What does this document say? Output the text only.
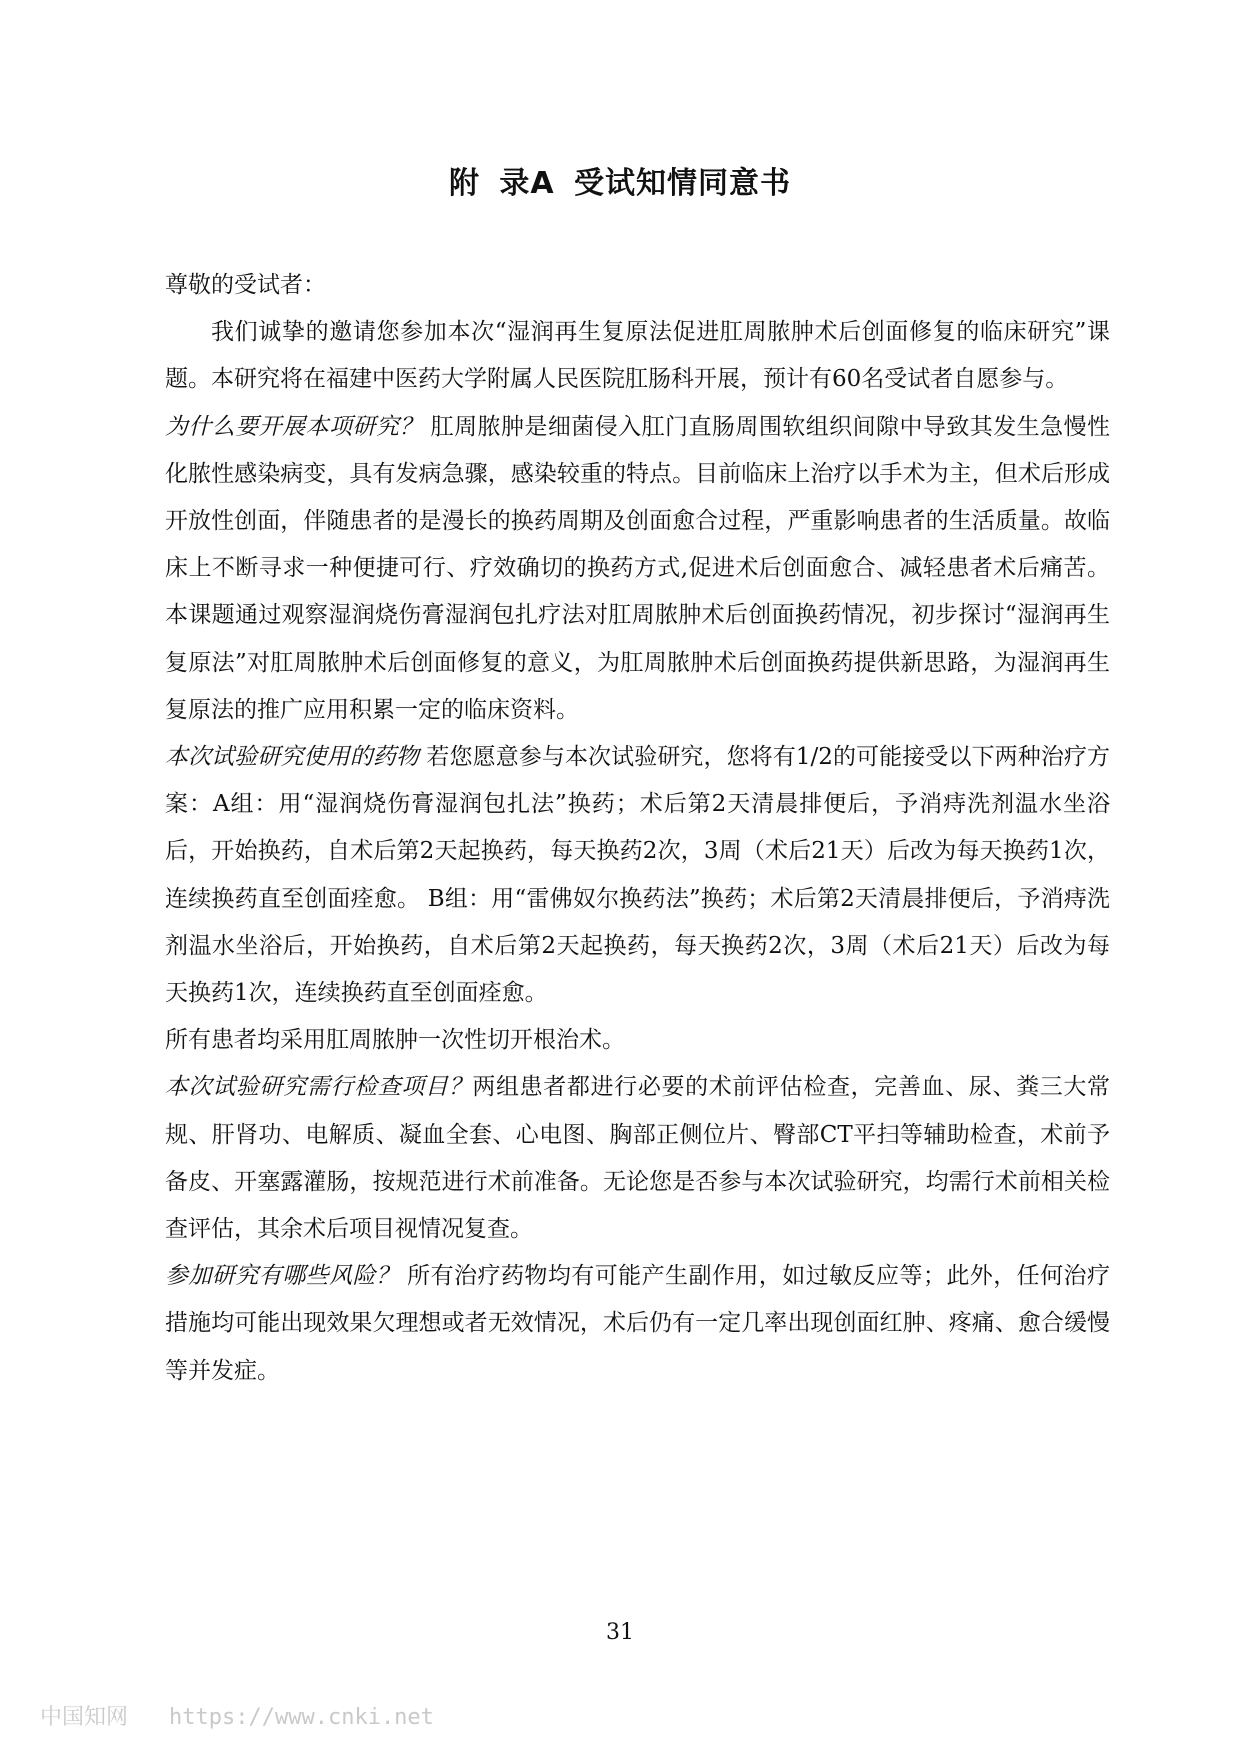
附 录A 受试知情同意书

尊敬的受试者：

我们诚挚的邀请您参加本次“湿润再生复原法促进肛周脓肿术后创面修复的临床研究”课题。本研究将在福建中医药大学附属人民医院肛肠科开展，预计有60名受试者自愿参与。

为什么要开展本项研究？ 肛周脓肿是细菌侵入肛门直肠周围软组织间隙中导致其发生急慢性化脓性感染病变，具有发病急骤，感染较重的特点。目前临床上治疗以手术为主，但术后形成开放性创面，伴随患者的是漫长的换药周期及创面愈合过程，严重影响患者的生活质量。故临床上不断寻求一种便捷可行、疗效确切的换药方式,促进术后创面愈合、减轻患者术后痛苦。本课题通过观察湿润烧伤膏湿润包扎疗法对肛周脓肿术后创面换药情况，初步探讨“湿润再生复原法”对肛周脓肿术后创面修复的意义，为肛周脓肿术后创面换药提供新思路，为湿润再生复原法的推广应用积累一定的临床资料。

本次试验研究使用的药物 若您愿意参与本次试验研究，您将有1/2的可能接受以下两种治疗方案：A组：用“湿润烧伤膏湿润包扎法”换药；术后第2天清晨排便后，予消痔洗剂温水坐浴后，开始换药，自术后第2天起换药，每天换药2次，3周（术后21天）后改为每天换药1次，连续换药直至创面痊愈。 B组：用“雷佛奴尔换药法”换药；术后第2天清晨排便后，予消痔洗剂温水坐浴后，开始换药，自术后第2天起换药，每天换药2次，3周（术后21天）后改为每天换药1次，连续换药直至创面痊愈。

所有患者均采用肛周脓肿一次性切开根治术。

本次试验研究需行检查项目？两组患者都进行必要的术前评估检查，完善血、尿、粪三大常规、肝肾功、电解质、凝血全套、心电图、胸部正侧位片、臀部CT平扫等辅助检查，术前予备皮、开塞露灌肠，按规范进行术前准备。无论您是否参与本次试验研究，均需行术前相关检查评估，其余术后项目视情况复查。

参加研究有哪些风险？ 所有治疗药物均有可能产生副作用，如过敏反应等；此外，任何治疗措施均可能出现效果欠理想或者无效情况，术后仍有一定几率出现创面红肿、疼痛、愈合缓慢等并发症。

31
中国知网 https://www.cnki.net
